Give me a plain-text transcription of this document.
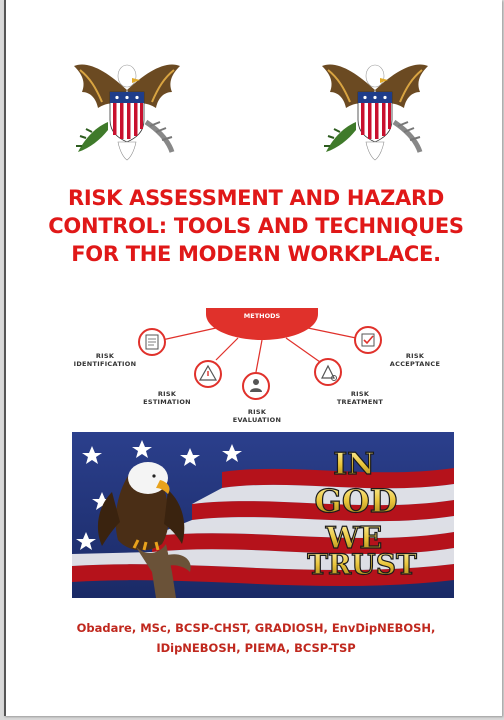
RISK ASSESSMENT AND HAZARD CONTROL: TOOLS AND TECHNIQUES FOR THE MODERN WORKPLACE.
METHODS
RISK
IDENTIFICATION
RISK
ESTIMATION
RISK
EVALUATION
RISK
TREATMENT
RISK
ACCEPTANCE
IN
GOD
WE
TRUST
Obadare, MSc, BCSP-CHST, GRADIOSH, EnvDipNEBOSH,
IDipNEBOSH, PIEMA, BCSP-TSP
